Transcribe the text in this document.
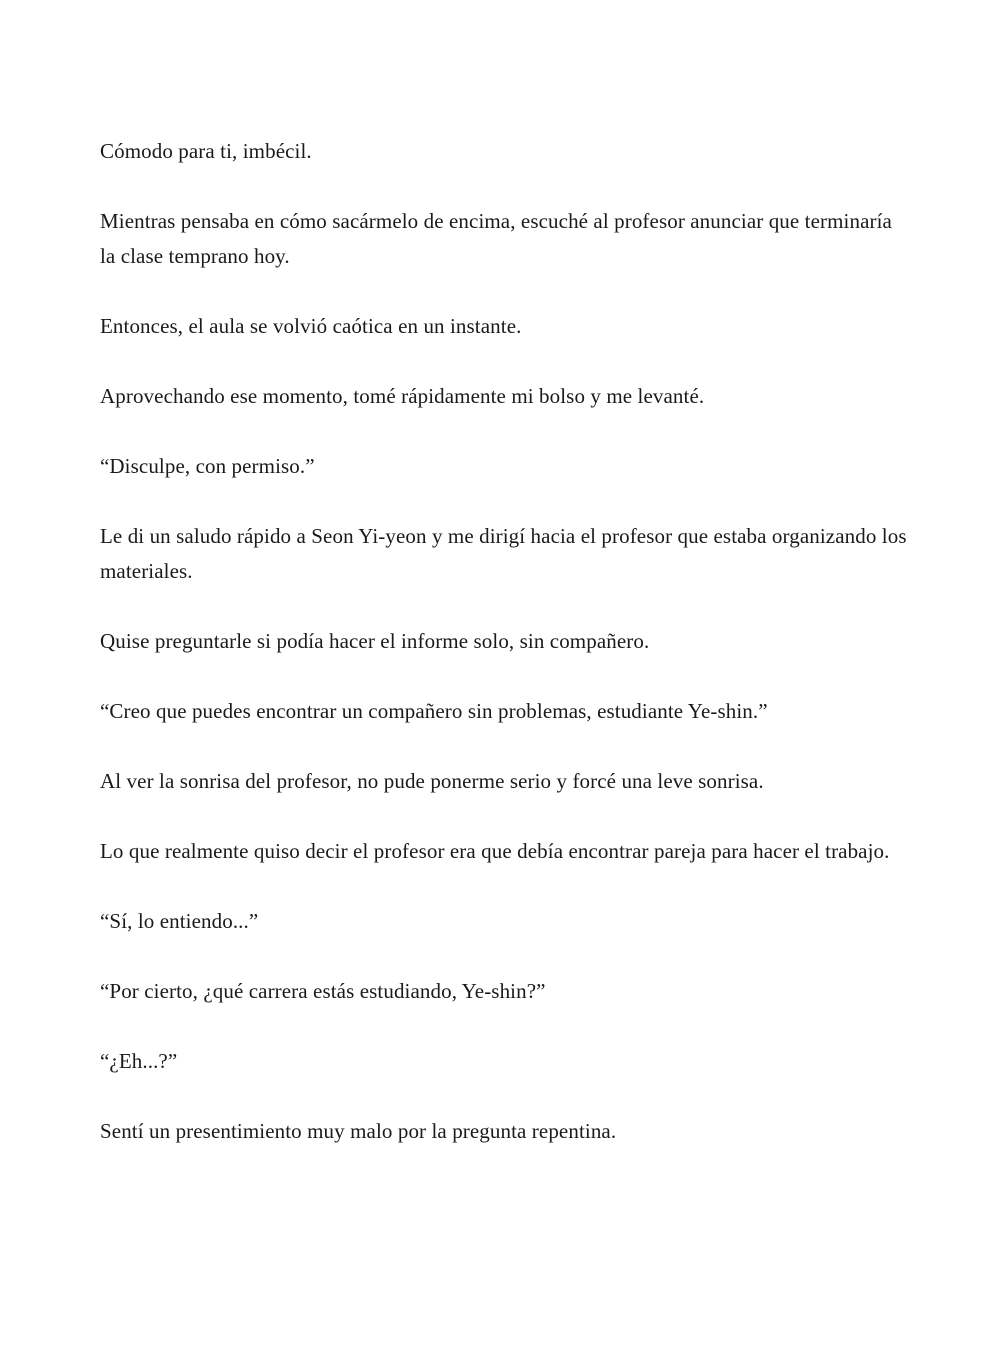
Cómodo para ti, imbécil.

Mientras pensaba en cómo sacármelo de encima, escuché al profesor anunciar que terminaría la clase temprano hoy.

Entonces, el aula se volvió caótica en un instante.

Aprovechando ese momento, tomé rápidamente mi bolso y me levanté.

“Disculpe, con permiso.”

Le di un saludo rápido a Seon Yi-yeon y me dirigí hacia el profesor que estaba organizando los materiales.

Quise preguntarle si podía hacer el informe solo, sin compañero.

“Creo que puedes encontrar un compañero sin problemas, estudiante Ye-shin.”

Al ver la sonrisa del profesor, no pude ponerme serio y forcé una leve sonrisa.

Lo que realmente quiso decir el profesor era que debía encontrar pareja para hacer el trabajo.

“Sí, lo entiendo...”

“Por cierto, ¿qué carrera estás estudiando, Ye-shin?”

“¿Eh...?”

Sentí un presentimiento muy malo por la pregunta repentina.
